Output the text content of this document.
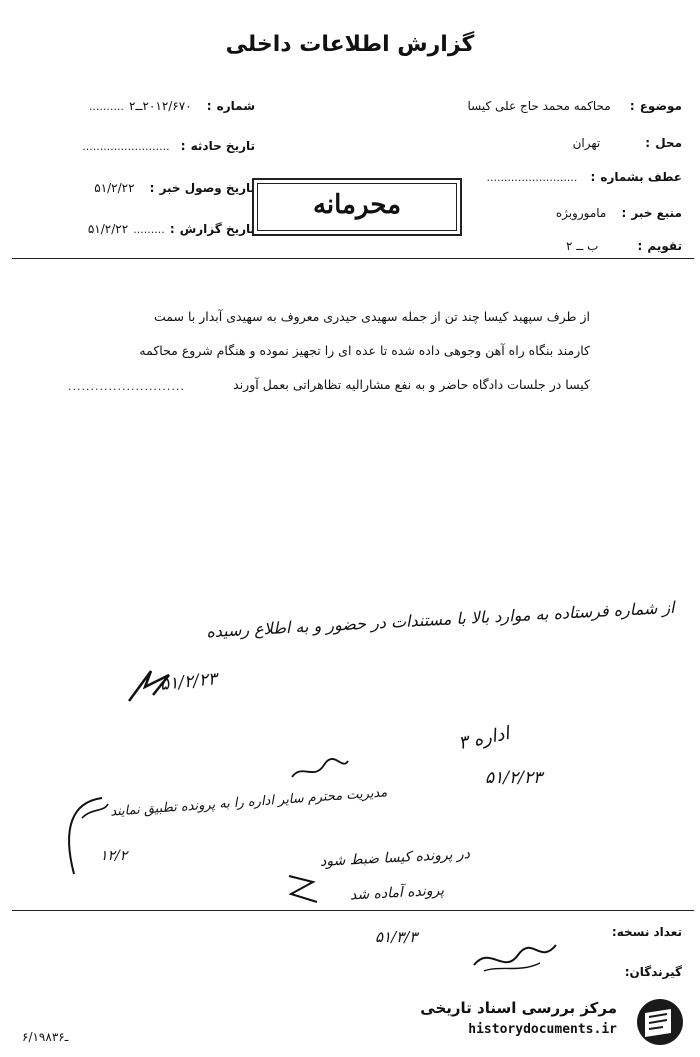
گزارش اطلاعات داخلی
موضوع : محاکمه محمد حاج علی کیسا
محل : تهران
عطف بشماره : ..........................
منبع خبر : ماموروبژه
تقویم : ب ــ ۲
شماره : ۲۰۱۲/۶۷۰ــ۲ ..........
تاریخ حادثه : .........................
تاریخ وصول خبر : ۵۱/۲/۲۲
تاریخ گزارش : ......... ۵۱/۲/۲۲
محرمانه
از طرف سپهبد کیسا چند تن از جمله سهیدی حیدری معروف به سهیدی آبدار با سمت
کارمند بنگاه راه آهن وجوهی داده شده تا عده ای را تجهیز نموده و هنگام شروع محاکمه
کیسا در جلسات دادگاه حاضر و به نفع مشارالیه تظاهراتی بعمل آورند
..........................
از شماره فرستاده به موارد بالا با مستندات در حضور و به اطلاع رسیده
۵۱/۲/۲۳
اداره ۳
۵۱/۲/۲۳
مدیریت محترم سایر اداره را به پرونده تطبیق نمایند
۱۲/۲	در پرونده کیسا ضبط شود
پرونده آماده شد
۵۱/۳/۳	تعداد نسخه:
گیرندگان:
۶/۱۹۸ـ۳۶
مرکز بررسی اسناد تاریخی
historydocuments.ir
